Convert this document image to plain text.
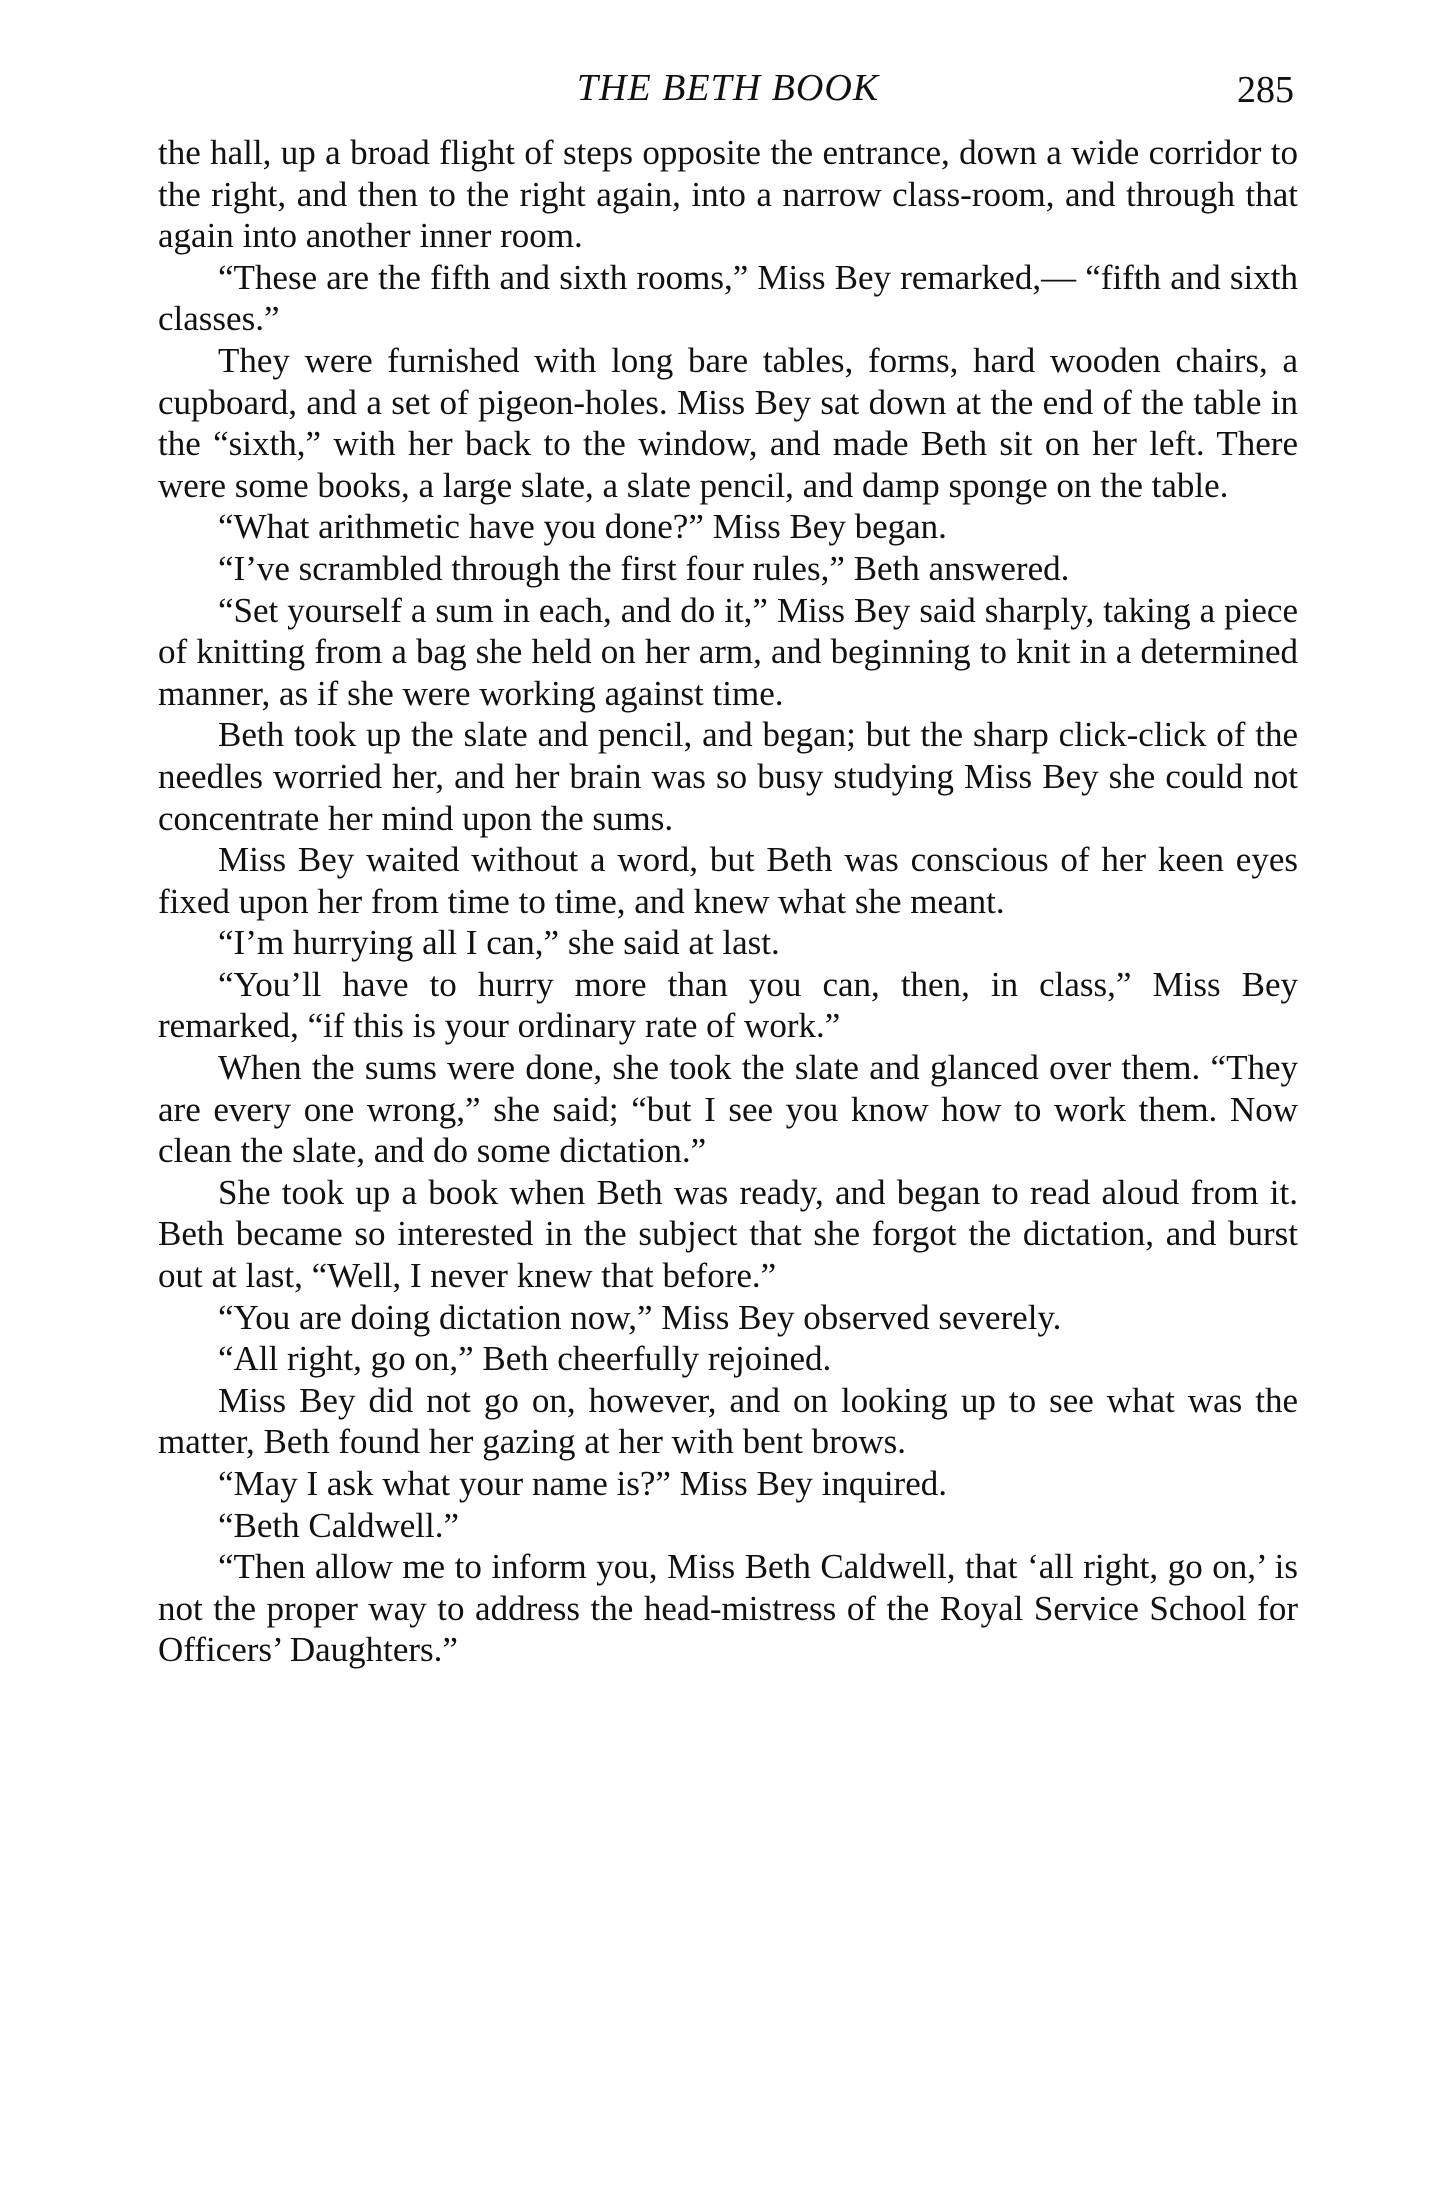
THE BETH BOOK	285

the hall, up a broad flight of steps opposite the entrance, down a wide corridor to the right, and then to the right again, into a narrow class-room, and through that again into another inner room.

“These are the fifth and sixth rooms,” Miss Bey remarked,— “fifth and sixth classes.”

They were furnished with long bare tables, forms, hard wooden chairs, a cupboard, and a set of pigeon-holes. Miss Bey sat down at the end of the table in the “sixth,” with her back to the window, and made Beth sit on her left. There were some books, a large slate, a slate pencil, and damp sponge on the table.

“What arithmetic have you done?” Miss Bey began.

“I’ve scrambled through the first four rules,” Beth answered.

“Set yourself a sum in each, and do it,” Miss Bey said sharply, taking a piece of knitting from a bag she held on her arm, and beginning to knit in a determined manner, as if she were working against time.

Beth took up the slate and pencil, and began; but the sharp click-click of the needles worried her, and her brain was so busy studying Miss Bey she could not concentrate her mind upon the sums.

Miss Bey waited without a word, but Beth was conscious of her keen eyes fixed upon her from time to time, and knew what she meant.

“I’m hurrying all I can,” she said at last.

“You’ll have to hurry more than you can, then, in class,” Miss Bey remarked, “if this is your ordinary rate of work.”

When the sums were done, she took the slate and glanced over them. “They are every one wrong,” she said; “but I see you know how to work them. Now clean the slate, and do some dictation.”

She took up a book when Beth was ready, and began to read aloud from it. Beth became so interested in the subject that she forgot the dictation, and burst out at last, “Well, I never knew that before.”

“You are doing dictation now,” Miss Bey observed severely.

“All right, go on,” Beth cheerfully rejoined.

Miss Bey did not go on, however, and on looking up to see what was the matter, Beth found her gazing at her with bent brows.

“May I ask what your name is?” Miss Bey inquired.

“Beth Caldwell.”

“Then allow me to inform you, Miss Beth Caldwell, that ‘all right, go on,’ is not the proper way to address the head-mistress of the Royal Service School for Officers’ Daughters.”
